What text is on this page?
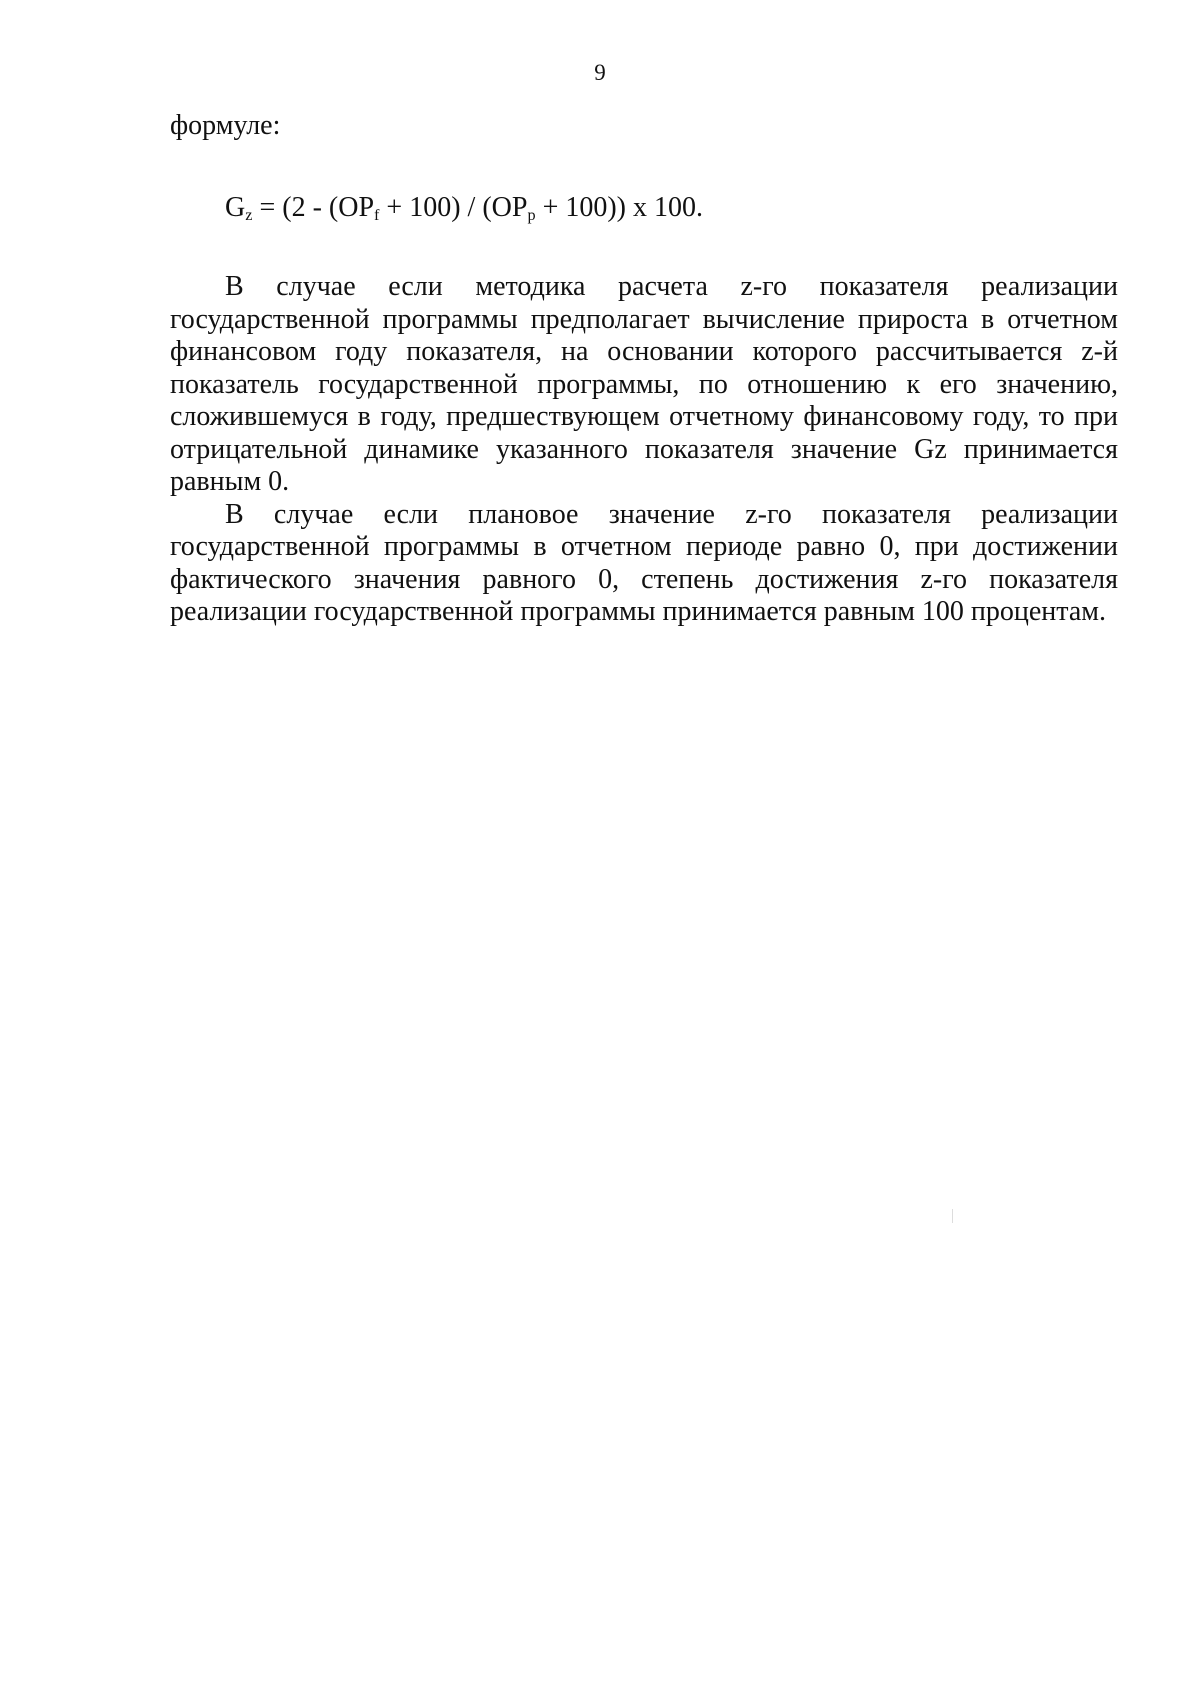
9

формуле:

$G_z = (2 - (OP_f + 100) / (OP_p + 100))$ х 100.

В случае если методика расчета z-го показателя реализации государственной программы предполагает вычисление прироста в отчетном финансовом году показателя, на основании которого рассчитывается z-й показатель государственной программы, по отношению к его значению, сложившемуся в году, предшествующем отчетному финансовому году, то при отрицательной динамике указанного показателя значение Gz принимается равным 0.

В случае если плановое значение z-го показателя реализации государственной программы в отчетном периоде равно 0, при достижении фактического значения равного 0, степень достижения z-го показателя реализации государственной программы принимается равным 100 процентам.
